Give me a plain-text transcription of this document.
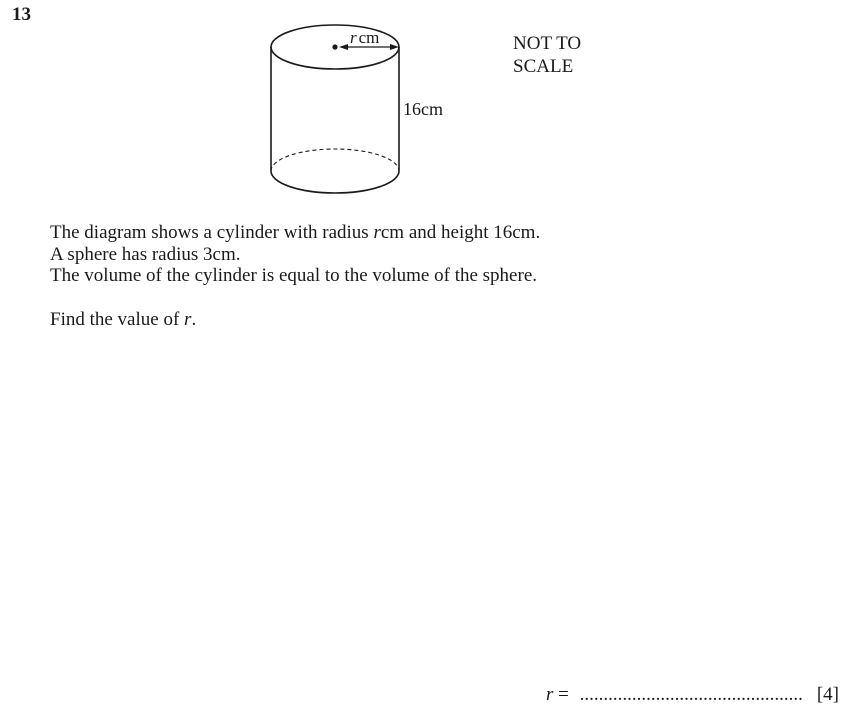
13
r cm
16cm
NOT TO
SCALE

The diagram shows a cylinder with radius rcm and height 16cm.

A sphere has radius 3cm.

The volume of the cylinder is equal to the volume of the sphere.

Find the value of r.

r = ............................................... [4]
